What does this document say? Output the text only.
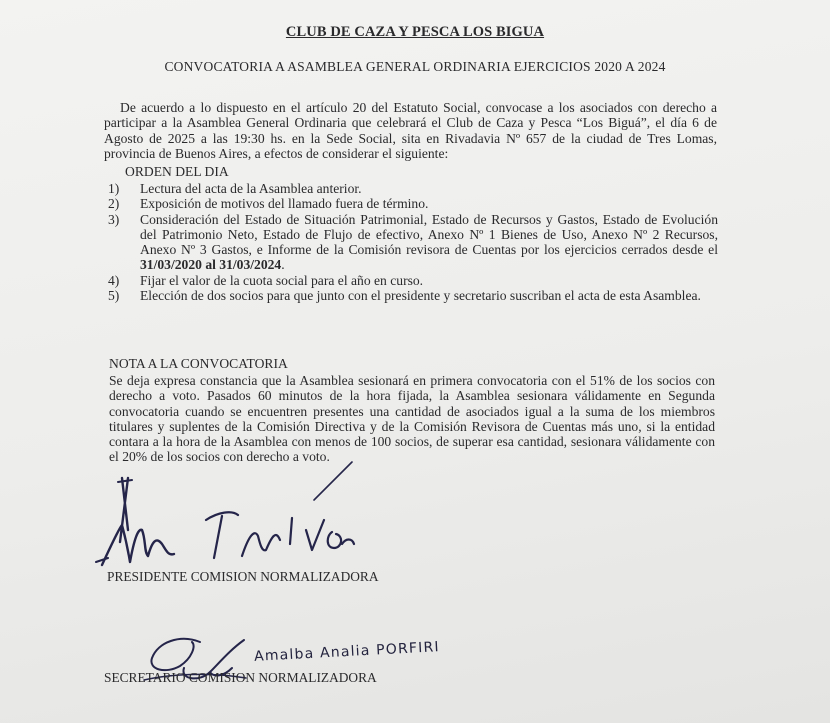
CLUB DE CAZA Y PESCA LOS BIGUA
CONVOCATORIA A ASAMBLEA GENERAL ORDINARIA EJERCICIOS 2020 A 2024
De acuerdo a lo dispuesto en el artículo 20 del Estatuto Social, convocase a los asociados con derecho a participar a la Asamblea General Ordinaria que celebrará el Club de Caza y Pesca “Los Biguá”, el día 6 de Agosto de 2025 a las 19:30 hs. en la Sede Social, sita en Rivadavia Nº 657 de la ciudad de Tres Lomas, provincia de Buenos Aires, a efectos de considerar el siguiente:
ORDEN DEL DIA
1)	Lectura del acta de la Asamblea anterior.
2)	Exposición de motivos del llamado fuera de término.
3)	Consideración del Estado de Situación Patrimonial, Estado de Recursos y Gastos, Estado de Evolución del Patrimonio Neto, Estado de Flujo de efectivo, Anexo Nº 1 Bienes de Uso, Anexo Nº 2 Recursos, Anexo Nº 3 Gastos, e Informe de la Comisión revisora de Cuentas por los ejercicios cerrados desde el 31/03/2020 al 31/03/2024.
4)	Fijar el valor de la cuota social para el año en curso.
5)	Elección de dos socios para que junto con el presidente y secretario suscriban el acta de esta Asamblea.
NOTA A LA CONVOCATORIA
Se deja expresa constancia que la Asamblea sesionará en primera convocatoria con el 51% de los socios con derecho a voto. Pasados 60 minutos de la hora fijada, la Asamblea sesionara válidamente en Segunda convocatoria cuando se encuentren presentes una cantidad de asociados igual a la suma de los miembros titulares y suplentes de la Comisión Directiva y de la Comisión Revisora de Cuentas más uno, si la entidad contara a la hora de la Asamblea con menos de 100 socios, de superar esa cantidad, sesionara válidamente con el 20% de los socios con derecho a voto.
PRESIDENTE COMISION NORMALIZADORA
Amalba Analia PORFIRI
SECRETARIO COMISION NORMALIZADORA
